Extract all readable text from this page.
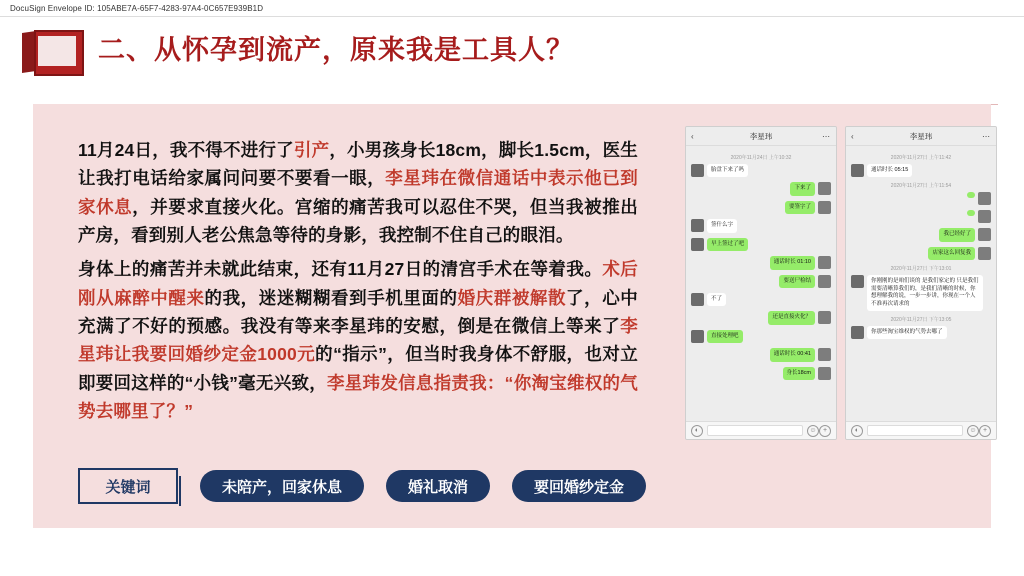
DocuSign Envelope ID: 105ABE7A-65F7-4283-97A4-0C657E939B1D
二、从怀孕到流产，原来我是工具人？

11月24日，我不得不进行了引产，小男孩身长18cm，脚长1.5cm，医生让我打电话给家属问问要不要看一眼，李星玮在微信通话中表示他已到家休息，并要求直接火化。宫缩的痛苦我可以忍住不哭，但当我被推出产房，看到别人老公焦急等待的身影，我控制不住自己的眼泪。

身体上的痛苦并未就此结束，还有11月27日的清宫手术在等着我。术后刚从麻醉中醒来的我，迷迷糊糊看到手机里面的婚庆群被解散了，心中充满了不好的预感。我没有等来李星玮的安慰，倒是在微信上等来了李星玮让我要回婚纱定金1000元的“指示”，但当时我身体不舒服，也对立即要回这样的“小钱”毫无兴致，李星玮发信息指责我：“你淘宝维权的气势去哪里了？”

‹	李星玮	⋯
2020年11月24日 上午10:32
胎盘下来了吗
下来了
要签字了
签什么字
早上签过了吧
通话时长 01:10
要送尸检结
不了
还是直接火化？
直接处理吧
通话时长 00:41
身长18cm
◐	☺ +
‹	李星玮	⋯
2020年11月27日 上午11:42
通话时长 05:15
2020年11月27日 上午11:54
我已经好了
店家这么回复我
2020年11月27日 下午13:01
你刚刚的是咱们谈的 是我们家定的 只是我们需要清晰算我们的，是我们清晰的时候，你想理解我的说，一步一步讲，你现在一个人不准再次请求的
2020年11月27日 下午13:05
你那些淘宝维权的气势去哪了
◐	☺ +
关键词	未陪产，回家休息	婚礼取消	要回婚纱定金
